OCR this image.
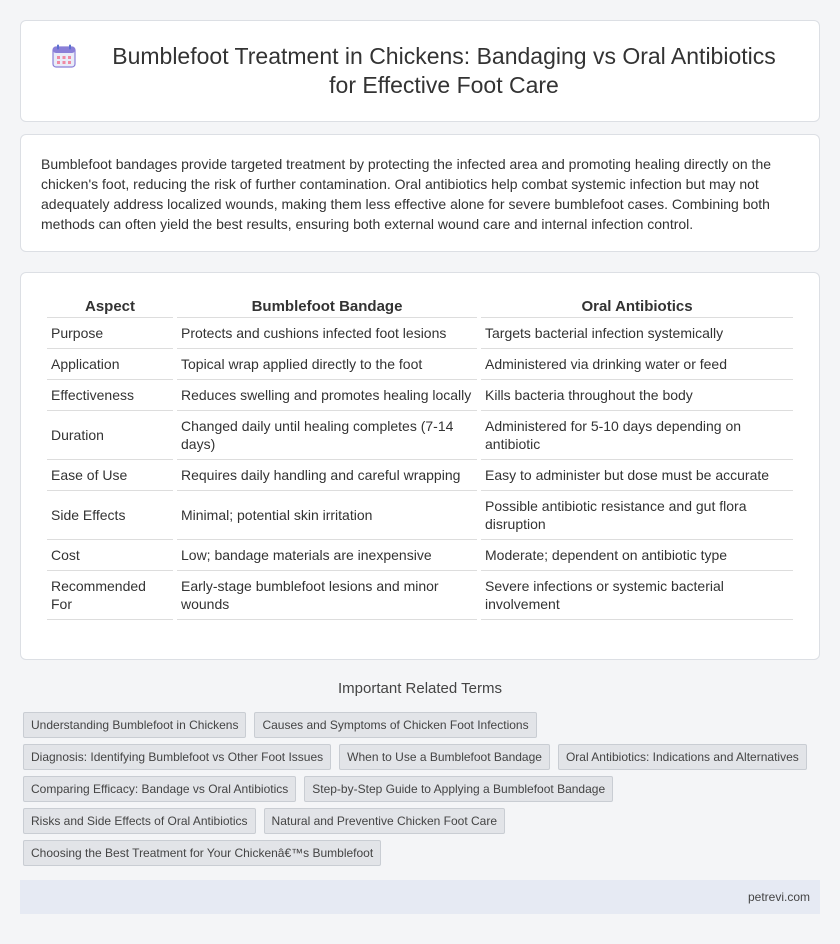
Bumblefoot Treatment in Chickens: Bandaging vs Oral Antibiotics for Effective Foot Care

Bumblefoot bandages provide targeted treatment by protecting the infected area and promoting healing directly on the chicken's foot, reducing the risk of further contamination. Oral antibiotics help combat systemic infection but may not adequately address localized wounds, making them less effective alone for severe bumblefoot cases. Combining both methods can often yield the best results, ensuring both external wound care and internal infection control.

Aspect	Bumblefoot Bandage	Oral Antibiotics
Purpose	Protects and cushions infected foot lesions	Targets bacterial infection systemically
Application	Topical wrap applied directly to the foot	Administered via drinking water or feed
Effectiveness	Reduces swelling and promotes healing locally	Kills bacteria throughout the body
Duration	Changed daily until healing completes (7-14 days)	Administered for 5-10 days depending on antibiotic
Ease of Use	Requires daily handling and careful wrapping	Easy to administer but dose must be accurate
Side Effects	Minimal; potential skin irritation	Possible antibiotic resistance and gut flora disruption
Cost	Low; bandage materials are inexpensive	Moderate; dependent on antibiotic type
Recommended For	Early-stage bumblefoot lesions and minor wounds	Severe infections or systemic bacterial involvement
Important Related Terms
Understanding Bumblefoot in Chickens	Causes and Symptoms of Chicken Foot Infections
Diagnosis: Identifying Bumblefoot vs Other Foot Issues	When to Use a Bumblefoot Bandage	Oral Antibiotics: Indications and Alternatives
Comparing Efficacy: Bandage vs Oral Antibiotics	Step-by-Step Guide to Applying a Bumblefoot Bandage
Risks and Side Effects of Oral Antibiotics	Natural and Preventive Chicken Foot Care
Choosing the Best Treatment for Your Chickenâ€™s Bumblefoot
petrevi.com
